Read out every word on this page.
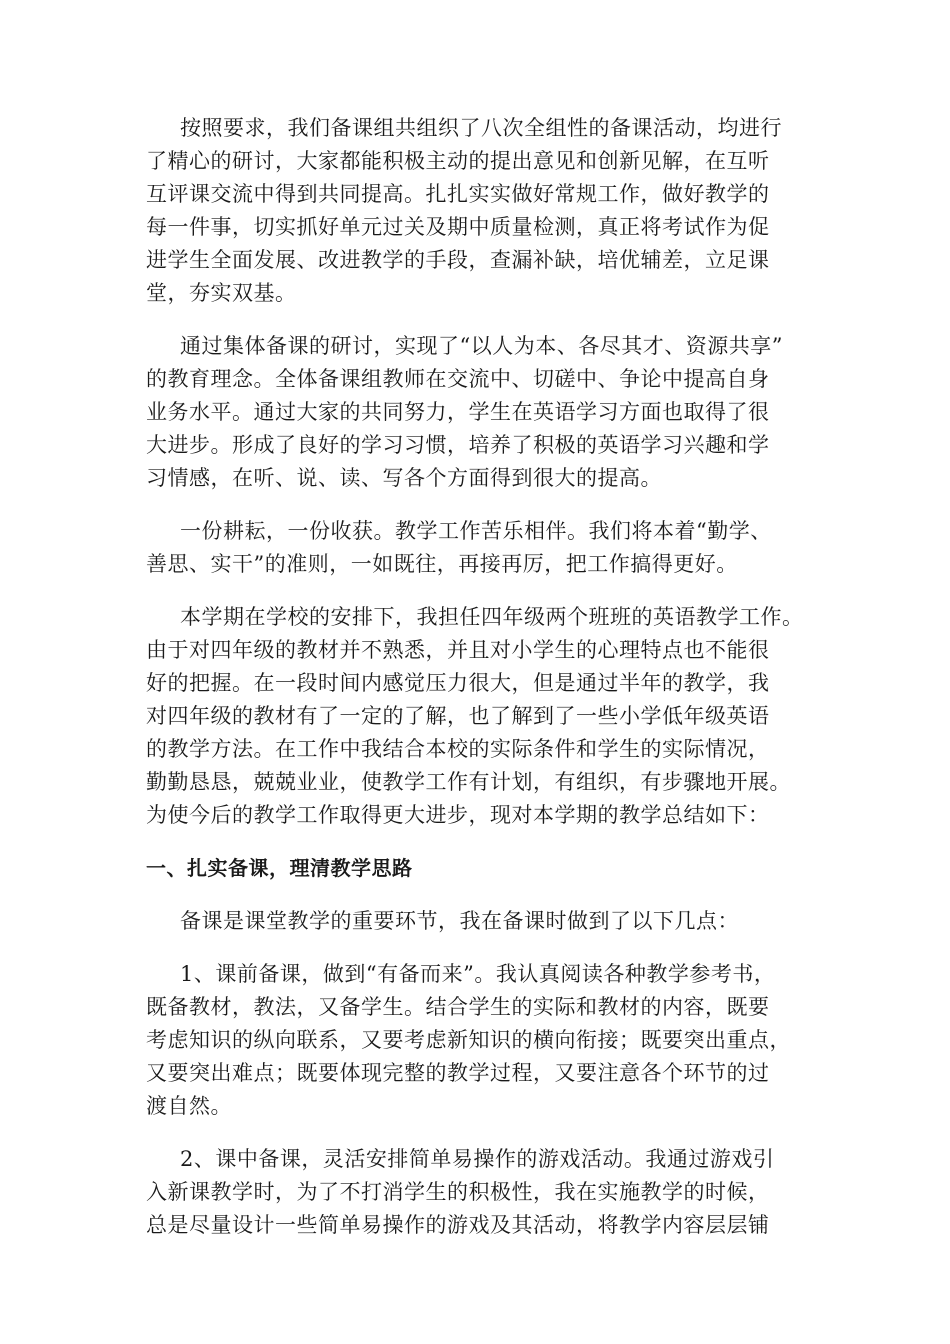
按照要求，我们备课组共组织了八次全组性的备课活动，均进行
了精心的研讨，大家都能积极主动的提出意见和创新见解，在互听
互评课交流中得到共同提高。扎扎实实做好常规工作，做好教学的
每一件事，切实抓好单元过关及期中质量检测，真正将考试作为促
进学生全面发展、改进教学的手段，查漏补缺，培优辅差，立足课
堂，夯实双基。
通过集体备课的研讨，实现了“以人为本、各尽其才、资源共享”
的教育理念。全体备课组教师在交流中、切磋中、争论中提高自身
业务水平。通过大家的共同努力，学生在英语学习方面也取得了很
大进步。形成了良好的学习习惯，培养了积极的英语学习兴趣和学
习情感，在听、说、读、写各个方面得到很大的提高。
一份耕耘，一份收获。教学工作苦乐相伴。我们将本着“勤学、
善思、实干”的准则，一如既往，再接再厉，把工作搞得更好。
本学期在学校的安排下，我担任四年级两个班班的英语教学工作。
由于对四年级的教材并不熟悉，并且对小学生的心理特点也不能很
好的把握。在一段时间内感觉压力很大，但是通过半年的教学，我
对四年级的教材有了一定的了解，也了解到了一些小学低年级英语
的教学方法。在工作中我结合本校的实际条件和学生的实际情况，
勤勤恳恳，兢兢业业，使教学工作有计划，有组织，有步骤地开展。
为使今后的教学工作取得更大进步，现对本学期的教学总结如下：
一、扎实备课，理清教学思路
备课是课堂教学的重要环节，我在备课时做到了以下几点：
1、课前备课，做到“有备而来”。我认真阅读各种教学参考书，
既备教材，教法，又备学生。结合学生的实际和教材的内容，既要
考虑知识的纵向联系，又要考虑新知识的横向衔接；既要突出重点，
又要突出难点；既要体现完整的教学过程，又要注意各个环节的过
渡自然。
2、课中备课，灵活安排简单易操作的游戏活动。我通过游戏引
入新课教学时，为了不打消学生的积极性，我在实施教学的时候，
总是尽量设计一些简单易操作的游戏及其活动，将教学内容层层铺
